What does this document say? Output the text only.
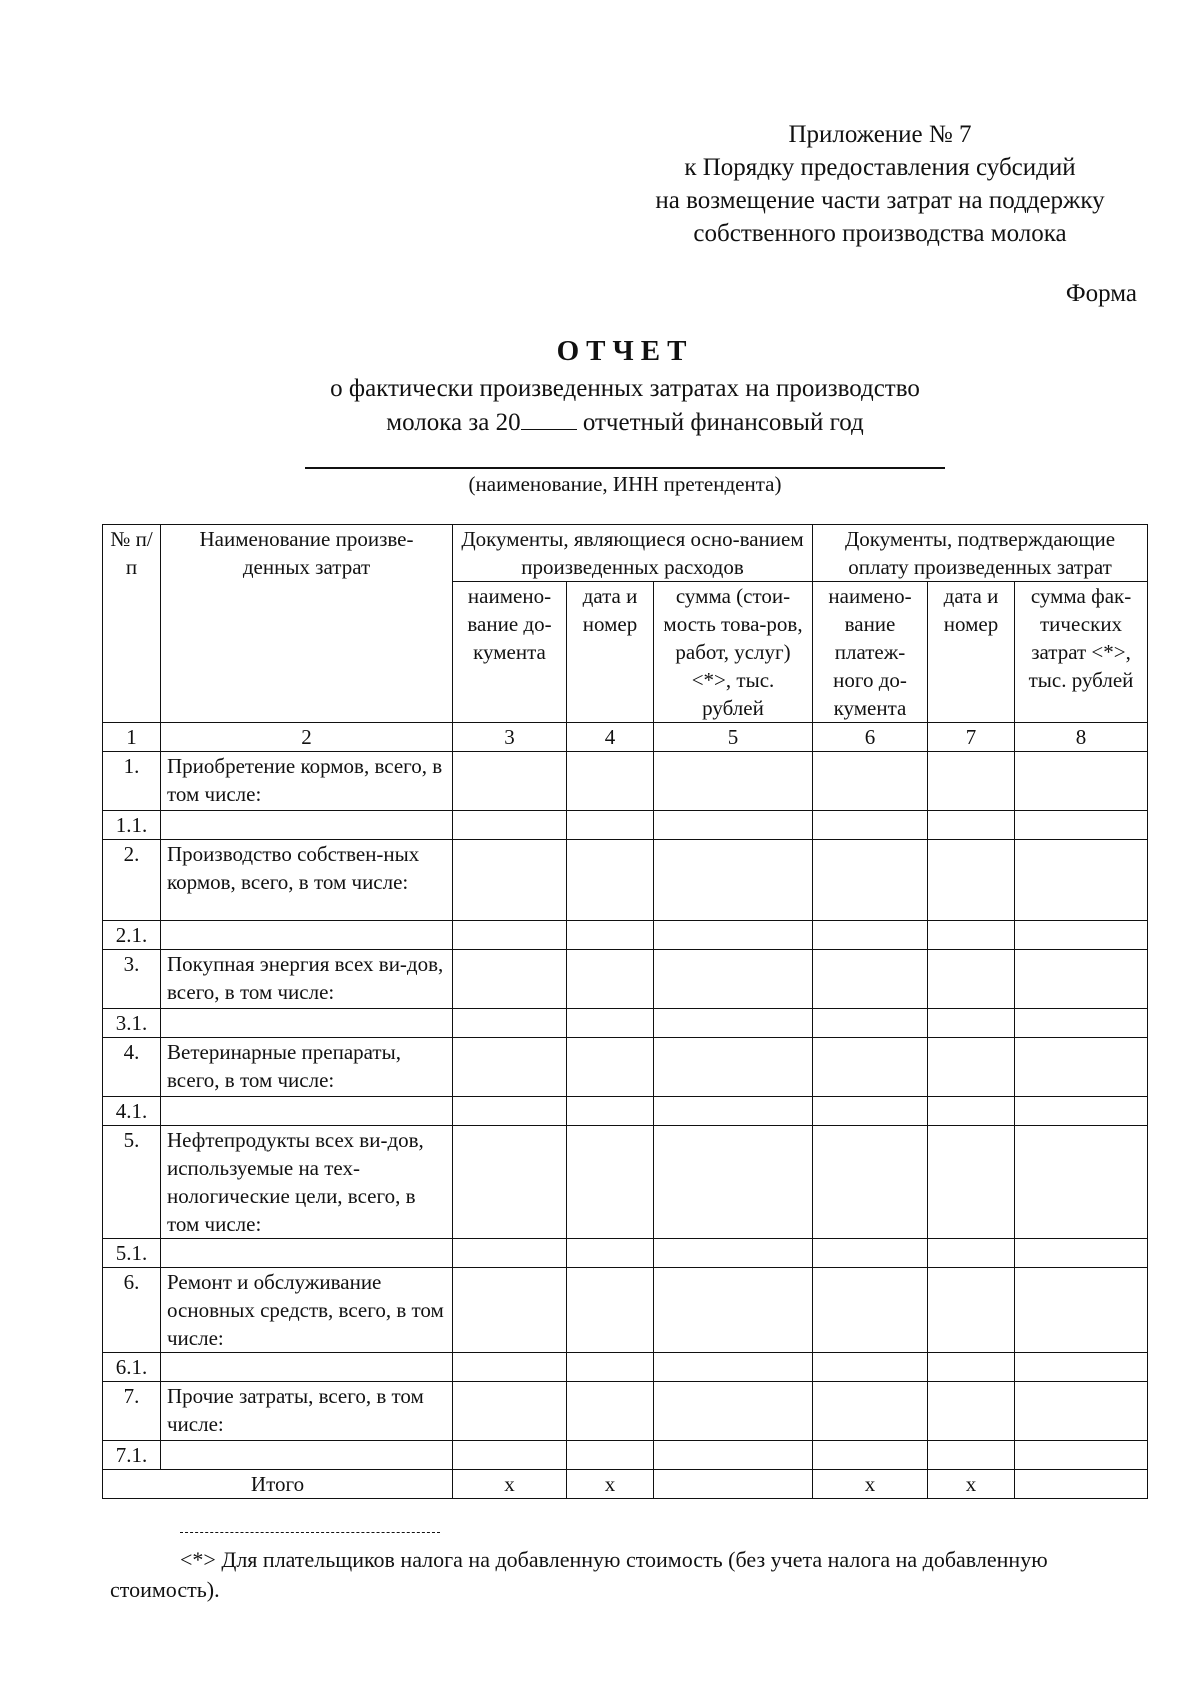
Приложение № 7
к Порядку предоставления субсидий
на возмещение части затрат на поддержку
собственного производства молока
Форма
ОТЧЕТ
о фактически произведенных затратах на производство
молока за 20 отчетный финансовый год
(наименование, ИНН претендента)
№ п/п	Наименование произве-денных затрат	Документы, являющиеся осно-ванием произведенных расходов			Документы, подтверждающие оплату произведенных затрат		
		наимено-вание до-кумента	дата и номер	сумма (стои-мость това-ров, работ, услуг) <*>, тыс. рублей	наимено-вание платеж-ного до-кумента	дата и номер	сумма фак-тических затрат <*>, тыс. рублей
1	2	3	4	5	6	7	8
1.	Приобретение кормов, всего, в том числе:						
1.1.							
2.	Производство собствен-ных кормов, всего, в том числе:						
2.1.							
3.	Покупная энергия всех ви-дов, всего, в том числе:						
3.1.							
4.	Ветеринарные препараты, всего, в том числе:						
4.1.							
5.	Нефтепродукты всех ви-дов, используемые на тех-нологические цели, всего, в том числе:						
5.1.							
6.	Ремонт и обслуживание основных средств, всего, в том числе:						
6.1.							
7.	Прочие затраты, всего, в том числе:						
7.1.							
Итого		х	х		х	х	
<*> Для плательщиков налога на добавленную стоимость (без учета налога на добавленную стоимость).
